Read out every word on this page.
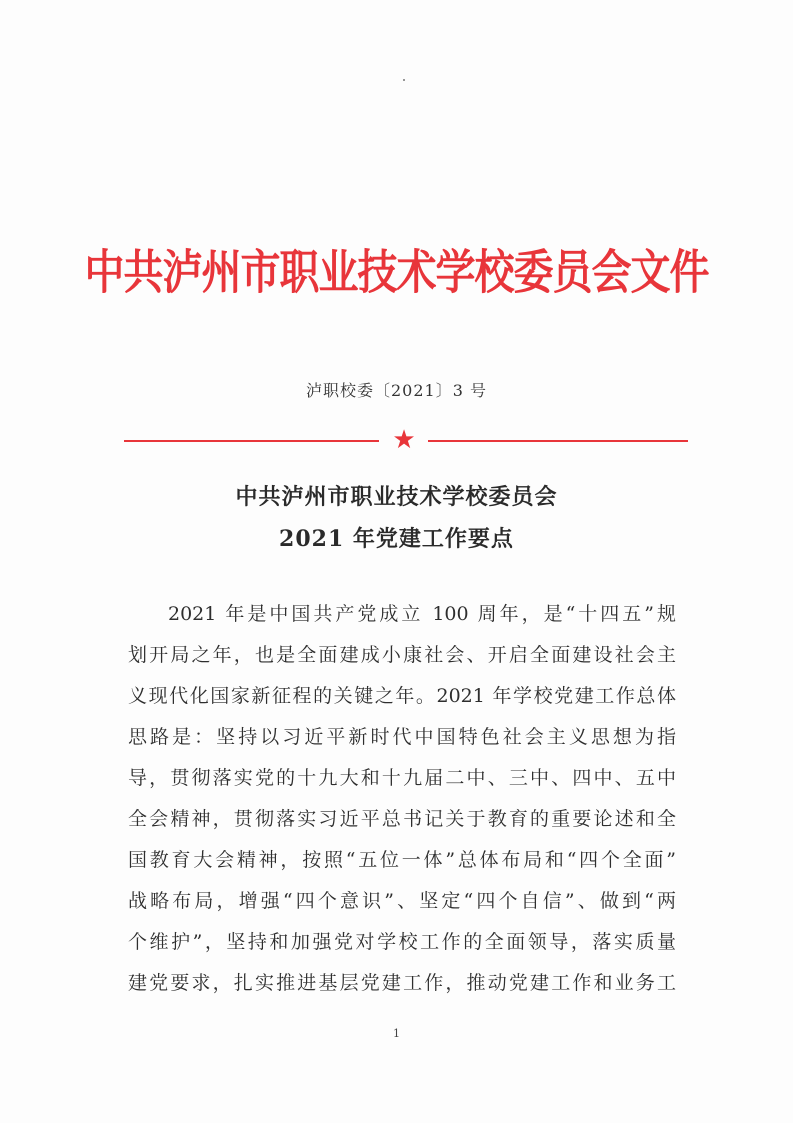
中共泸州市职业技术学校委员会文件
泸职校委〔2021〕3 号
★
中共泸州市职业技术学校委员会
2021 年党建工作要点
2021 年是中国共产党成立 100 周年，是“十四五”规
划开局之年，也是全面建成小康社会、开启全面建设社会主
义现代化国家新征程的关键之年。2021 年学校党建工作总体
思路是：坚持以习近平新时代中国特色社会主义思想为指
导，贯彻落实党的十九大和十九届二中、三中、四中、五中
全会精神，贯彻落实习近平总书记关于教育的重要论述和全
国教育大会精神，按照“五位一体”总体布局和“四个全面”
战略布局，增强“四个意识”、坚定“四个自信”、做到“两
个维护”，坚持和加强党对学校工作的全面领导，落实质量
建党要求，扎实推进基层党建工作，推动党建工作和业务工
1
